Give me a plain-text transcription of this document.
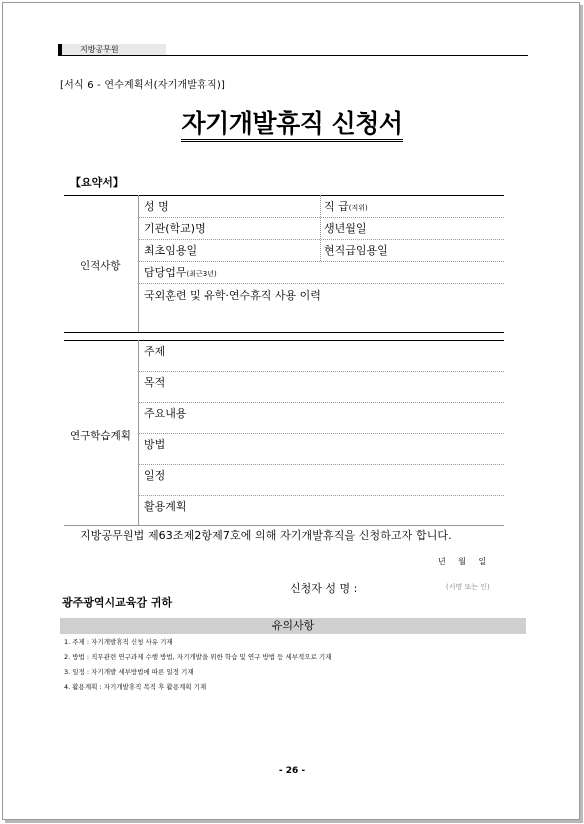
지방공무원
[서식 6 - 연수계획서(자기개발휴직)]
자기개발휴직 신청서
【요약서】
인적사항
성 명	직 급(직위)
기관(학교)명	생년월일
최초임용일	현직급임용일
담당업무(최근3년)
국외훈련 및 유학·연수휴직 사용 이력
연구학습계획
주제
목적
주요내용
방법
일정
활용계획
지방공무원법 제63조제2항제7호에 의해 자기개발휴직을 신청하고자 합니다.
년 월 일
신청자 성 명 :	(서명 또는 인)
광주광역시교육감 귀하
유의사항
1. 주제 : 자기개발휴직 신청 사유 기재
2. 방법 : 직무관련 연구과제 수행 방법, 자기개발을 위한 학습 및 연구 방법 등 세부적으로 기재
3. 일정 : 자기개발 세부방법에 따른 일정 기재
4. 활용계획 : 자기개발휴직 복직 후 활용계획 기재
- 26 -
